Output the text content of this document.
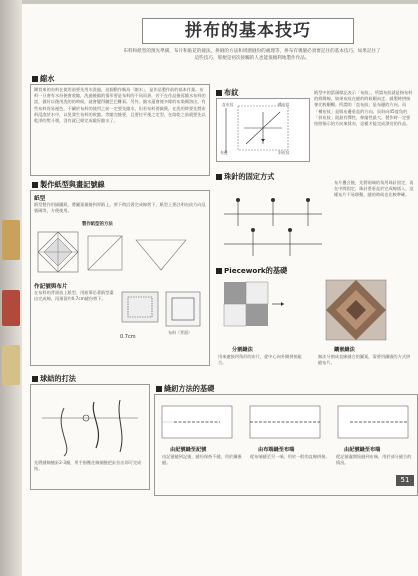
拼布的基本技巧

布料和紙型的預先準備，布片和貼花的縫法，拼縫的方法和周圍縫份的處理等，拼布有幾個必須要記住的基本技巧，如果記住了這些技巧，那便是初次接觸的人也能很順利地製作作品。

縮水

剛買來的布料在使用前要先用水洗過，這個動作稱為「縮水」，是作品製作前的基本作業。布料一旦會有水份便會收縮，洗過後縮的情形要是布料的不同而異，若不在作品後再縮水布料的話，做好以後用洗的的時候，就會變得皺巴巴難看。另外，縮水還會使多餘的布染劑溶出。有些布料容易褪色，不屬於布料的使用之前一定要先縮水，但若布料要做舊，在洗用時要先將布料浸泡於水中，以免發生布料的收縮。等縮完後要，且要拉平使之定型，在陰乾之前就要先以乾淨的熨斗燙，沒有就已經完成做好縮水了。

布紋
直布紋	橫布紋
斜布紋
布邊

紙型中的箭頭標記表示「布紋」，所謂布紋就是指布料的經緯線，如果布紋在縫的時候順向走，縫製時拼接會比較順暢。所謂的「直布紋」是布邊的方向，而「橫布紋」是與布邊垂直的方向。而斜向45度角的「斜布紋」則最有彈性，伸縮性最大。製作時一定要按照指示的方向來裁布，這樣才能完成漂亮的作品。

製作紙型與畫記號線
紙型

紙型製作用描圖紙，將圖案描繪到厚紙上。剪下時沿著完成線剪下，紙型上要註明布紋方向及號碼等，方便使用。

製作紙型的方法
作記號與布片

在布料的背面放上紙型，用鉛筆沿著紙型畫出完成線，再預留約0.7cm縫份剪下。

0.7cm
布料（背面）
珠針的固定方式

布片疊合後，先將兩端的角用珠針固定，再在中間固定，珠針要垂直於完成線插入，這樣布片不易移動，縫的時候也比較準確。

Piecework的基礎
分割縫法

用來連接四角形的布片，從中心向外側拼接組合。

鑲嵌縫法

無法分割成直線縫合的圖案，需要用鑲嵌的方式拼縫布片。

球結的打法

先將縫線繞針2-3圈，用手指壓住線圈後把針拉出即可完成結。

縫紉方法的基礎
由記號縫至記號

由記號縫到記號，縫份保持不縫，用於鑲嵌縫。

由布端縫至布端

從布端縫至另一端，用於一般的直線拼接。

由記號縫至布端

從記號處開始縫到布端，用於部分縫合的情況。

51
